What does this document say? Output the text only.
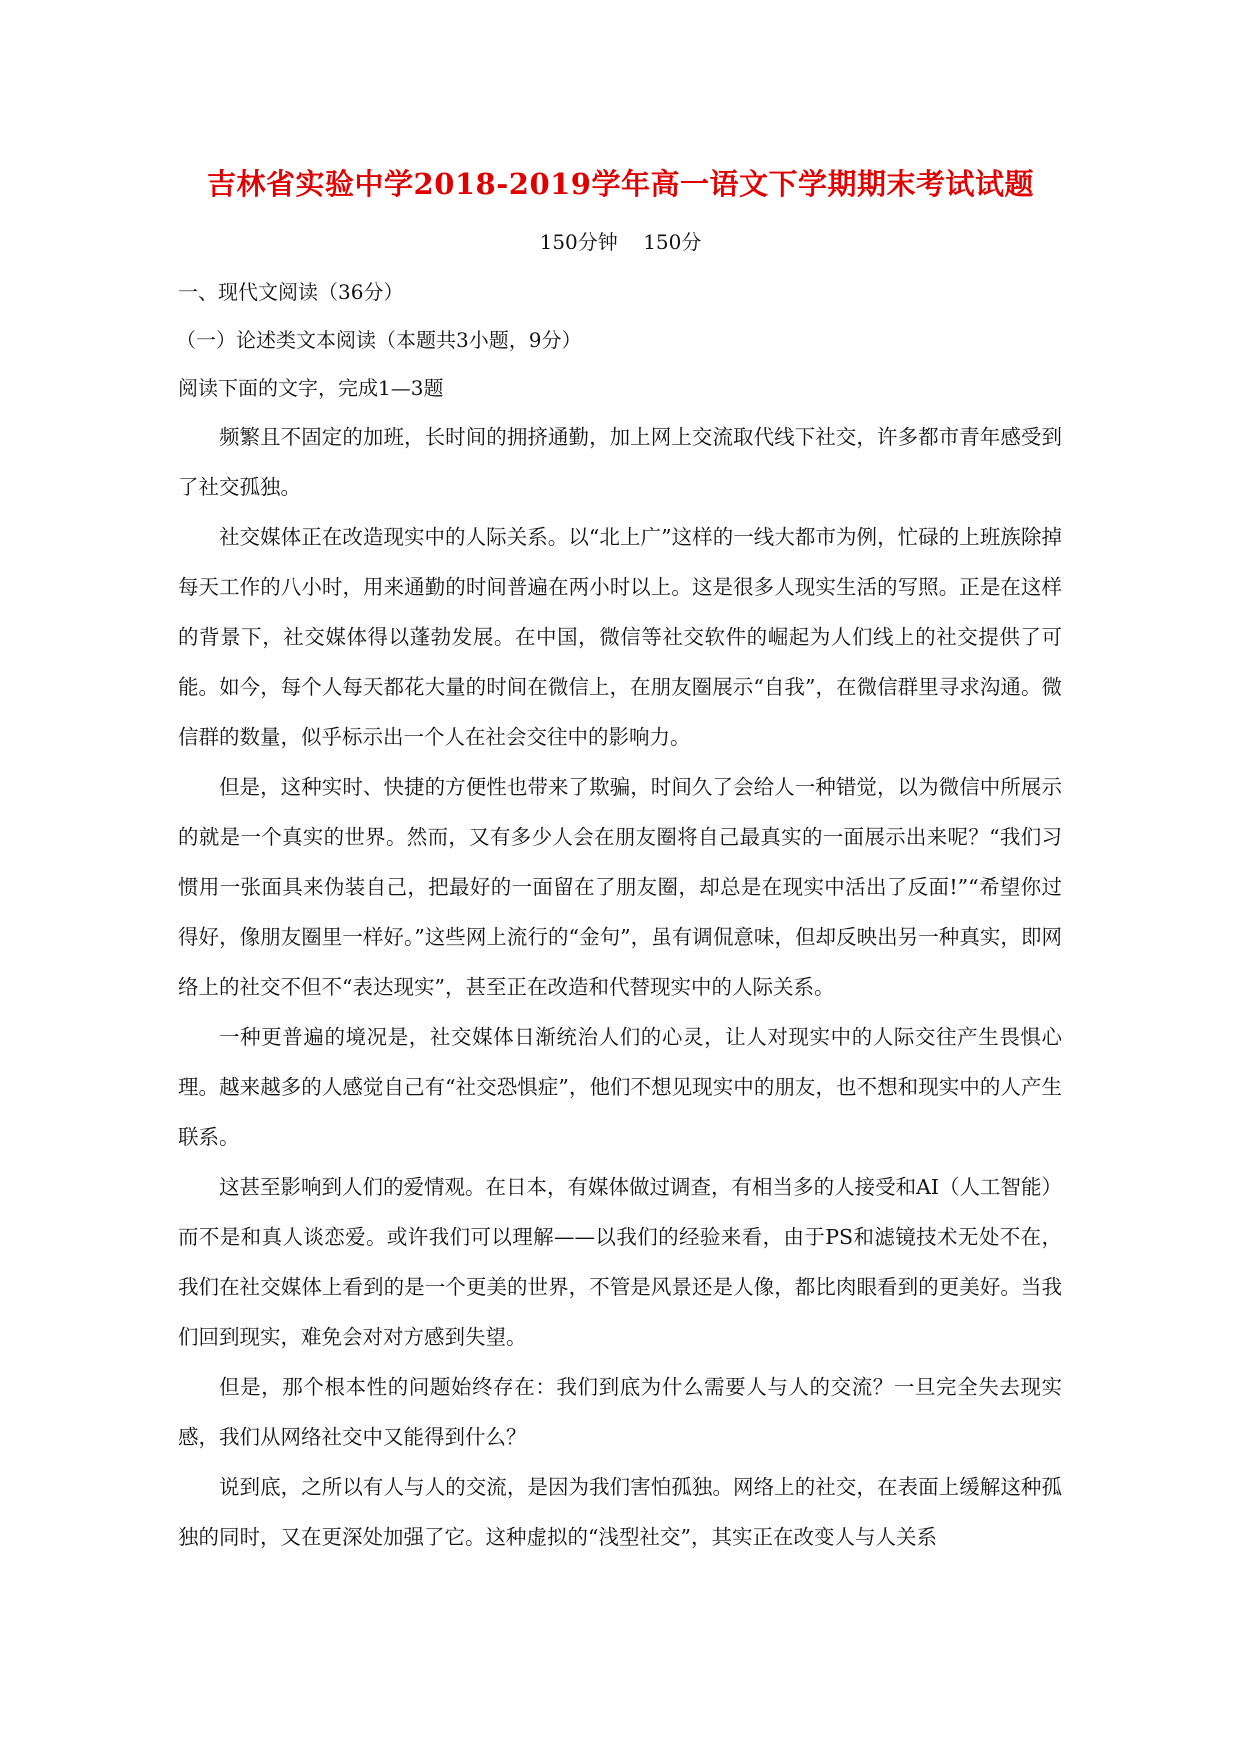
吉林省实验中学2018-2019学年高一语文下学期期末考试试题
150分钟    150分
一、现代文阅读（36分）
（一）论述类文本阅读（本题共3小题，9分）
阅读下面的文字，完成1—3题

频繁且不固定的加班，长时间的拥挤通勤，加上网上交流取代线下社交，许多都市青年感受到了社交孤独。

社交媒体正在改造现实中的人际关系。以“北上广”这样的一线大都市为例，忙碌的上班族除掉每天工作的八小时，用来通勤的时间普遍在两小时以上。这是很多人现实生活的写照。正是在这样的背景下，社交媒体得以蓬勃发展。在中国，微信等社交软件的崛起为人们线上的社交提供了可能。如今，每个人每天都花大量的时间在微信上，在朋友圈展示“自我”，在微信群里寻求沟通。微信群的数量，似乎标示出一个人在社会交往中的影响力。

但是，这种实时、快捷的方便性也带来了欺骗，时间久了会给人一种错觉，以为微信中所展示的就是一个真实的世界。然而，又有多少人会在朋友圈将自己最真实的一面展示出来呢？“我们习惯用一张面具来伪装自己，把最好的一面留在了朋友圈，却总是在现实中活出了反面!”“希望你过得好，像朋友圈里一样好。”这些网上流行的“金句”，虽有调侃意味，但却反映出另一种真实，即网络上的社交不但不“表达现实”，甚至正在改造和代替现实中的人际关系。

一种更普遍的境况是，社交媒体日渐统治人们的心灵，让人对现实中的人际交往产生畏惧心理。越来越多的人感觉自己有“社交恐惧症”，他们不想见现实中的朋友，也不想和现实中的人产生联系。

这甚至影响到人们的爱情观。在日本，有媒体做过调查，有相当多的人接受和AI（人工智能）而不是和真人谈恋爱。或许我们可以理解——以我们的经验来看，由于PS和滤镜技术无处不在，我们在社交媒体上看到的是一个更美的世界，不管是风景还是人像，都比肉眼看到的更美好。当我们回到现实，难免会对对方感到失望。

但是，那个根本性的问题始终存在：我们到底为什么需要人与人的交流？一旦完全失去现实感，我们从网络社交中又能得到什么？

说到底，之所以有人与人的交流，是因为我们害怕孤独。网络上的社交，在表面上缓解这种孤独的同时，又在更深处加强了它。这种虚拟的“浅型社交”，其实正在改变人与人关系
